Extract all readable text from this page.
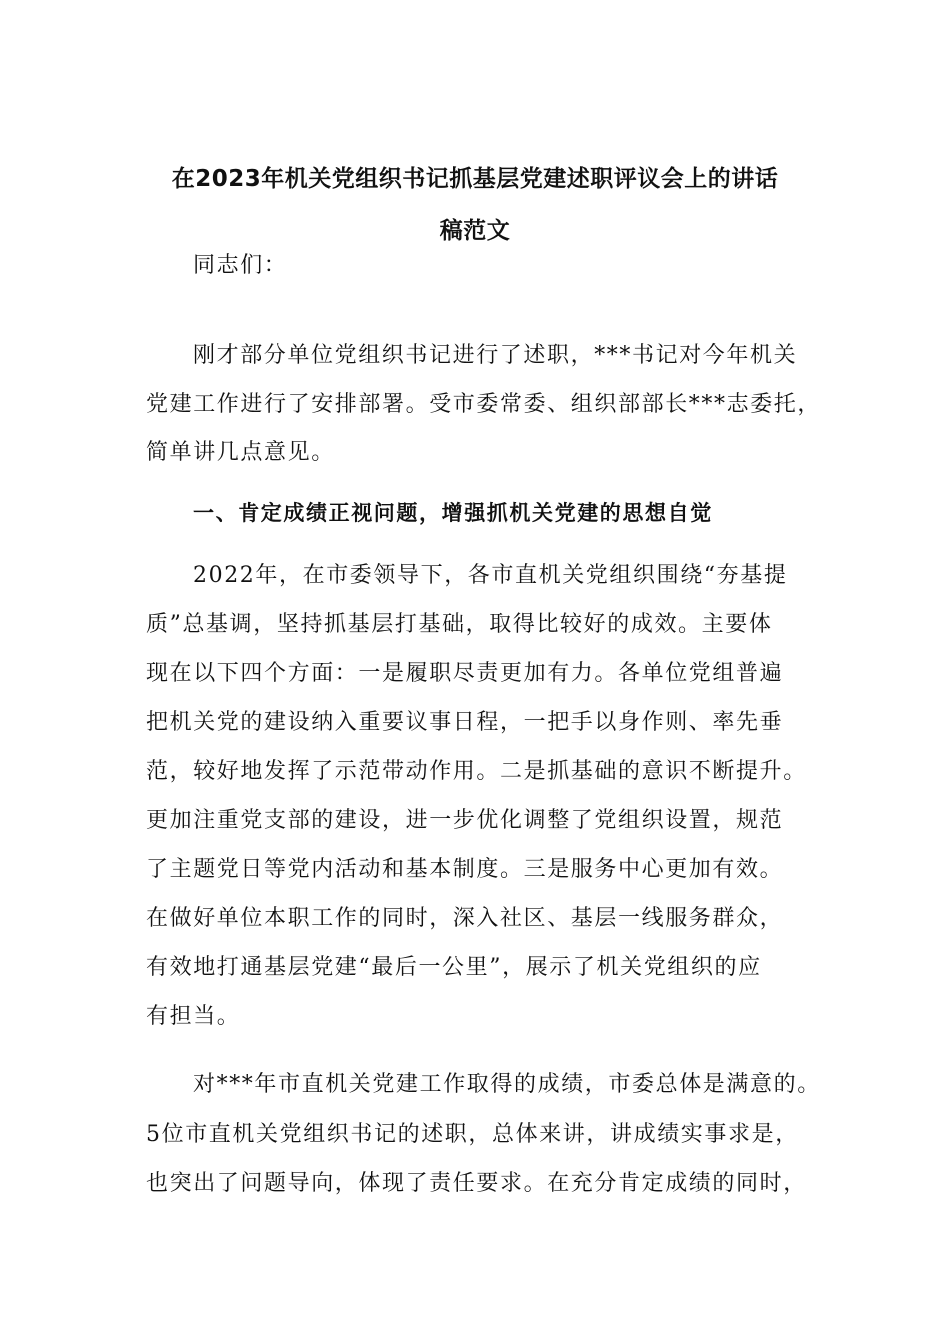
在2023年机关党组织书记抓基层党建述职评议会上的讲话
稿范文
同志们：
刚才部分单位党组织书记进行了述职，***书记对今年机关
党建工作进行了安排部署。受市委常委、组织部部长***志委托，
简单讲几点意见。
一、肯定成绩正视问题，增强抓机关党建的思想自觉
2022年，在市委领导下，各市直机关党组织围绕“夯基提
质”总基调，坚持抓基层打基础，取得比较好的成效。主要体
现在以下四个方面：一是履职尽责更加有力。各单位党组普遍
把机关党的建设纳入重要议事日程，一把手以身作则、率先垂
范，较好地发挥了示范带动作用。二是抓基础的意识不断提升。
更加注重党支部的建设，进一步优化调整了党组织设置，规范
了主题党日等党内活动和基本制度。三是服务中心更加有效。
在做好单位本职工作的同时，深入社区、基层一线服务群众，
有效地打通基层党建“最后一公里”，展示了机关党组织的应
有担当。
对***年市直机关党建工作取得的成绩，市委总体是满意的。
5位市直机关党组织书记的述职，总体来讲，讲成绩实事求是，
也突出了问题导向，体现了责任要求。在充分肯定成绩的同时，
